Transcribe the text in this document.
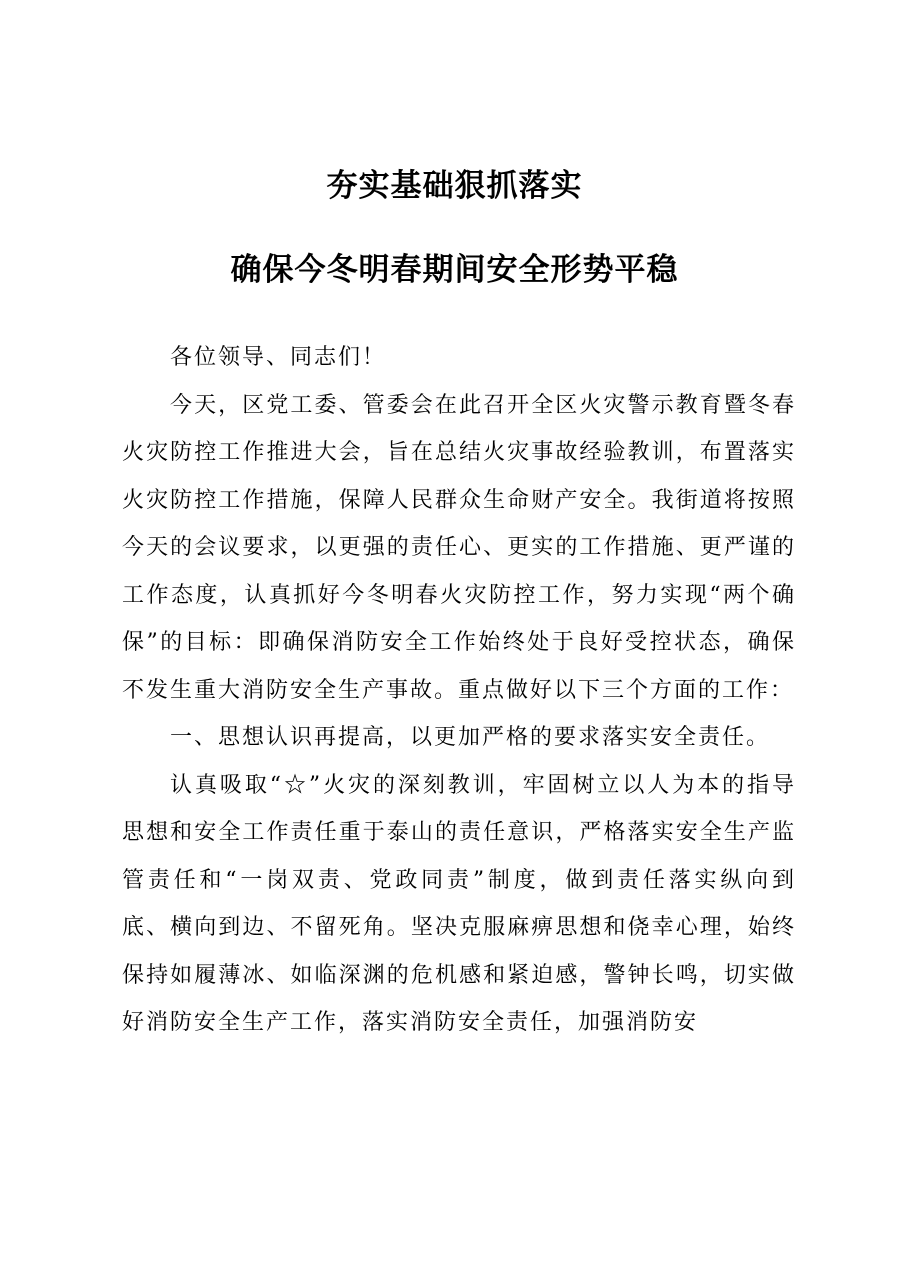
夯实基础狠抓落实
确保今冬明春期间安全形势平稳

各位领导、同志们！

今天，区党工委、管委会在此召开全区火灾警示教育暨冬春火灾防控工作推进大会，旨在总结火灾事故经验教训，布置落实火灾防控工作措施，保障人民群众生命财产安全。我街道将按照今天的会议要求，以更强的责任心、更实的工作措施、更严谨的工作态度，认真抓好今冬明春火灾防控工作，努力实现“两个确保”的目标：即确保消防安全工作始终处于良好受控状态，确保不发生重大消防安全生产事故。重点做好以下三个方面的工作：

一、思想认识再提高，以更加严格的要求落实安全责任。

认真吸取“☆”火灾的深刻教训，牢固树立以人为本的指导思想和安全工作责任重于泰山的责任意识，严格落实安全生产监管责任和“一岗双责、党政同责”制度，做到责任落实纵向到底、横向到边、不留死角。坚决克服麻痹思想和侥幸心理，始终保持如履薄冰、如临深渊的危机感和紧迫感，警钟长鸣，切实做好消防安全生产工作，落实消防安全责任，加强消防安
